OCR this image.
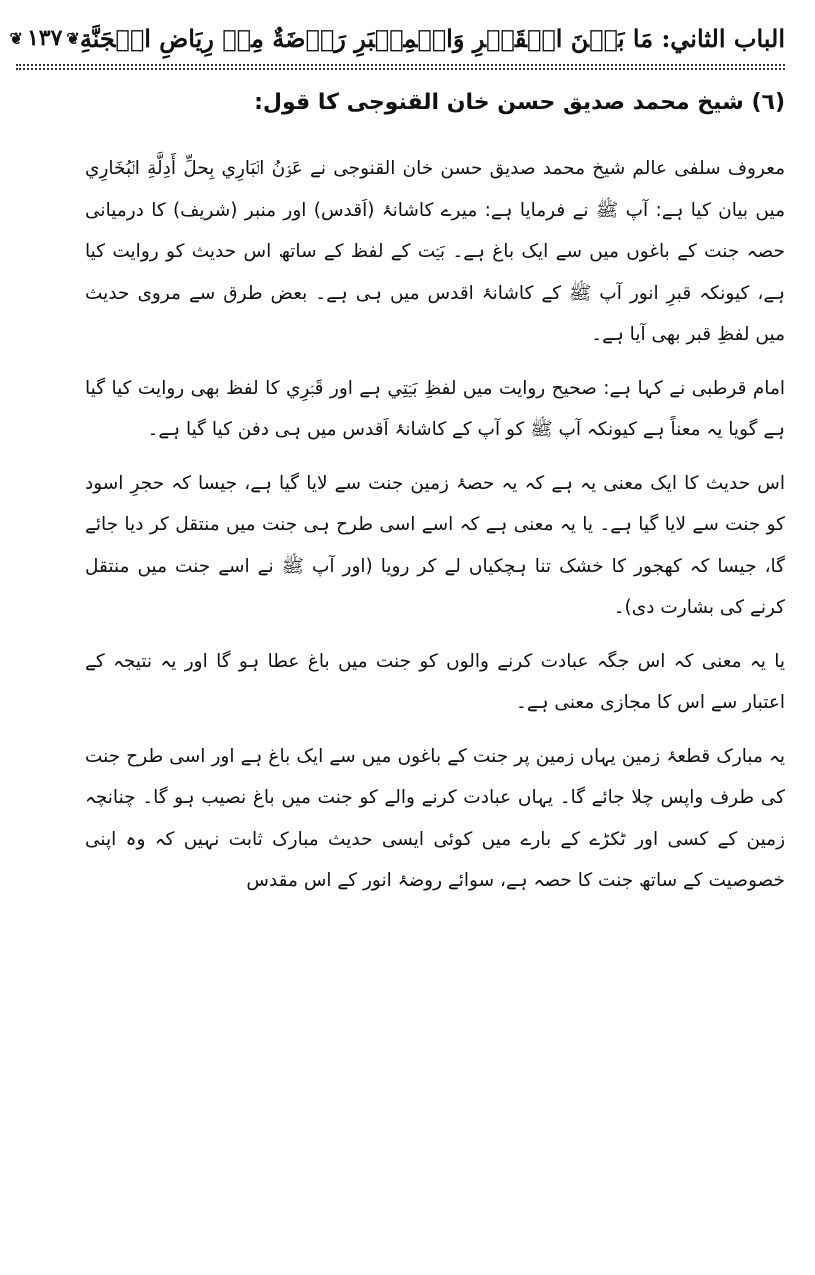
الباب الثاني: مَا بَيۡنَ الۡقَبۡرِ وَالۡمِنۡبَرِ رَوۡضَةٌ مِنۡ رِيَاضِ الۡجَنَّةِ
❦
١٣٧
❦
(٦) شیخ محمد صدیق حسن خان القنوجی کا قول:

معروف سلفی عالم شیخ محمد صدیق حسن خان القنوجی نے عَوۡنُ الۡبَارِي بِحلِّ أَدِلَّةِ الۡبُخَارِي میں بیان کیا ہے: آپ ﷺ نے فرمایا ہے: میرے کاشانۂ (اَقدس) اور منبر (شریف) کا درمیانی حصہ جنت کے باغوں میں سے ایک باغ ہے۔ بَیۡت کے لفظ کے ساتھ اس حدیث کو روایت کیا ہے، کیونکہ قبرِ انور آپ ﷺ کے کاشانۂ اقدس میں ہی ہے۔ بعض طرق سے مروی حدیث میں لفظِ قبر بھی آیا ہے۔

امام قرطبی نے کہا ہے: صحیح روایت میں لفظِ بَيۡتِي ہے اور قَبۡرِي کا لفظ بھی روایت کیا گیا ہے گویا یہ معناً ہے کیونکہ آپ ﷺ کو آپ کے کاشانۂ اَقدس میں ہی دفن کیا گیا ہے۔

اس حدیث کا ایک معنی یہ ہے کہ یہ حصۂ زمین جنت سے لایا گیا ہے، جیسا کہ حجرِ اسود کو جنت سے لایا گیا ہے۔ یا یہ معنی ہے کہ اسے اسی طرح ہی جنت میں منتقل کر دیا جائے گا، جیسا کہ کھجور کا خشک تنا ہچکیاں لے کر رویا (اور آپ ﷺ نے اسے جنت میں منتقل کرنے کی بشارت دی)۔

یا یہ معنی کہ اس جگہ عبادت کرنے والوں کو جنت میں باغ عطا ہو گا اور یہ نتیجہ کے اعتبار سے اس کا مجازی معنی ہے۔

یہ مبارک قطعۂ زمین یہاں زمین پر جنت کے باغوں میں سے ایک باغ ہے اور اسی طرح جنت کی طرف واپس چلا جائے گا۔ یہاں عبادت کرنے والے کو جنت میں باغ نصیب ہو گا۔ چنانچہ زمین کے کسی اور ٹکڑے کے بارے میں کوئی ایسی حدیث مبارک ثابت نہیں کہ وہ اپنی خصوصیت کے ساتھ جنت کا حصہ ہے، سوائے روضۂ انور کے اس مقدس
